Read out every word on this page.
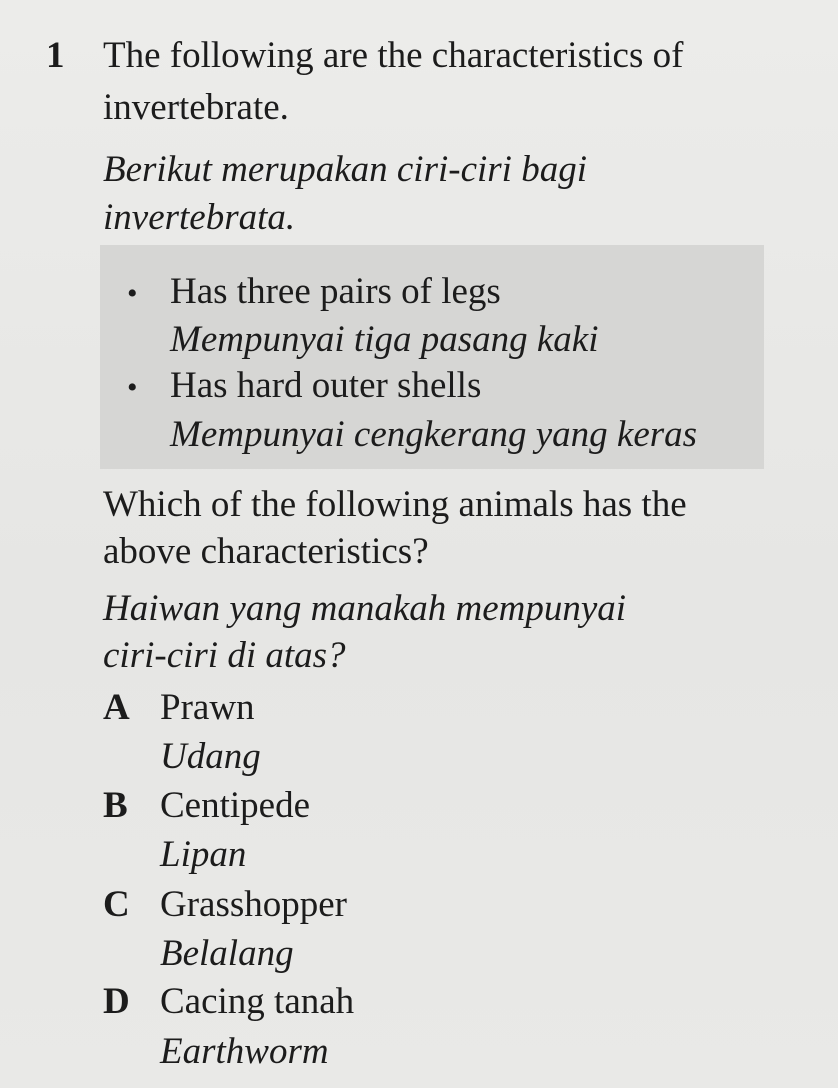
1 The following are the characteristics of
invertebrate.
Berikut merupakan ciri-ciri bagi
invertebrata.
• Has three pairs of legs
Mempunyai tiga pasang kaki
• Has hard outer shells
Mempunyai cengkerang yang keras
Which of the following animals has the
above characteristics?
Haiwan yang manakah mempunyai
ciri-ciri di atas?
A Prawn
Udang
B Centipede
Lipan
C Grasshopper
Belalang
D Cacing tanah
Earthworm
